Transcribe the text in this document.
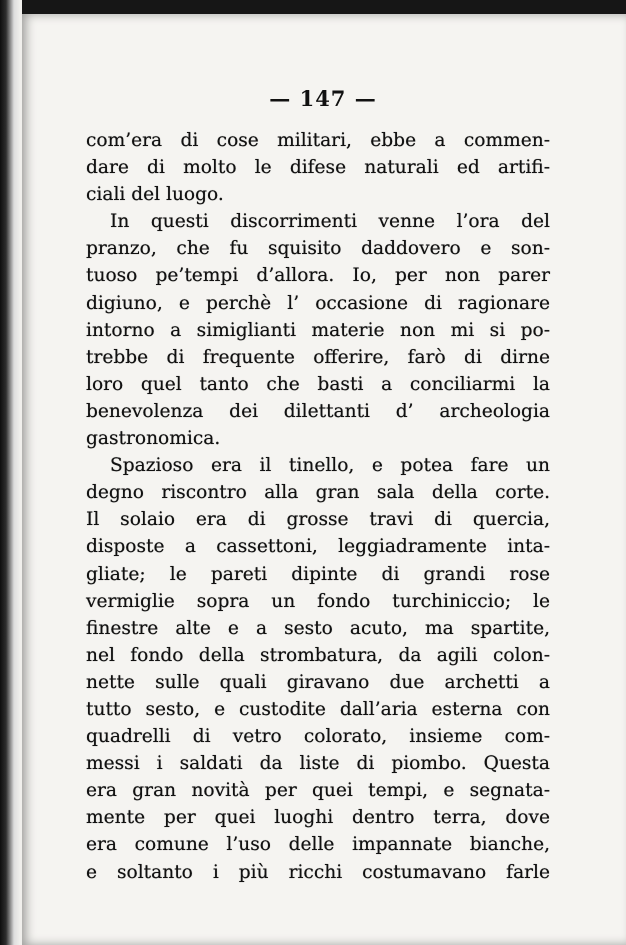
— 147 —
com’era di cose militari, ebbe a commen-
dare di molto le difese naturali ed artifi-
ciali del luogo.
In questi discorrimenti venne l’ora del
pranzo, che fu squisito daddovero e son-
tuoso pe’tempi d’allora. Io, per non parer
digiuno, e perchè l’ occasione di ragionare
intorno a simiglianti materie non mi si po-
trebbe di frequente offerire, farò di dirne
loro quel tanto che basti a conciliarmi la
benevolenza dei dilettanti d’ archeologia
gastronomica.
Spazioso era il tinello, e potea fare un
degno riscontro alla gran sala della corte.
Il solaio era di grosse travi di quercia,
disposte a cassettoni, leggiadramente inta-
gliate; le pareti dipinte di grandi rose
vermiglie sopra un fondo turchiniccio; le
finestre alte e a sesto acuto, ma spartite,
nel fondo della strombatura, da agili colon-
nette sulle quali giravano due archetti a
tutto sesto, e custodite dall’aria esterna con
quadrelli di vetro colorato, insieme com-
messi i saldati da liste di piombo. Questa
era gran novità per quei tempi, e segnata-
mente per quei luoghi dentro terra, dove
era comune l’uso delle impannate bianche,
e soltanto i più ricchi costumavano farle
